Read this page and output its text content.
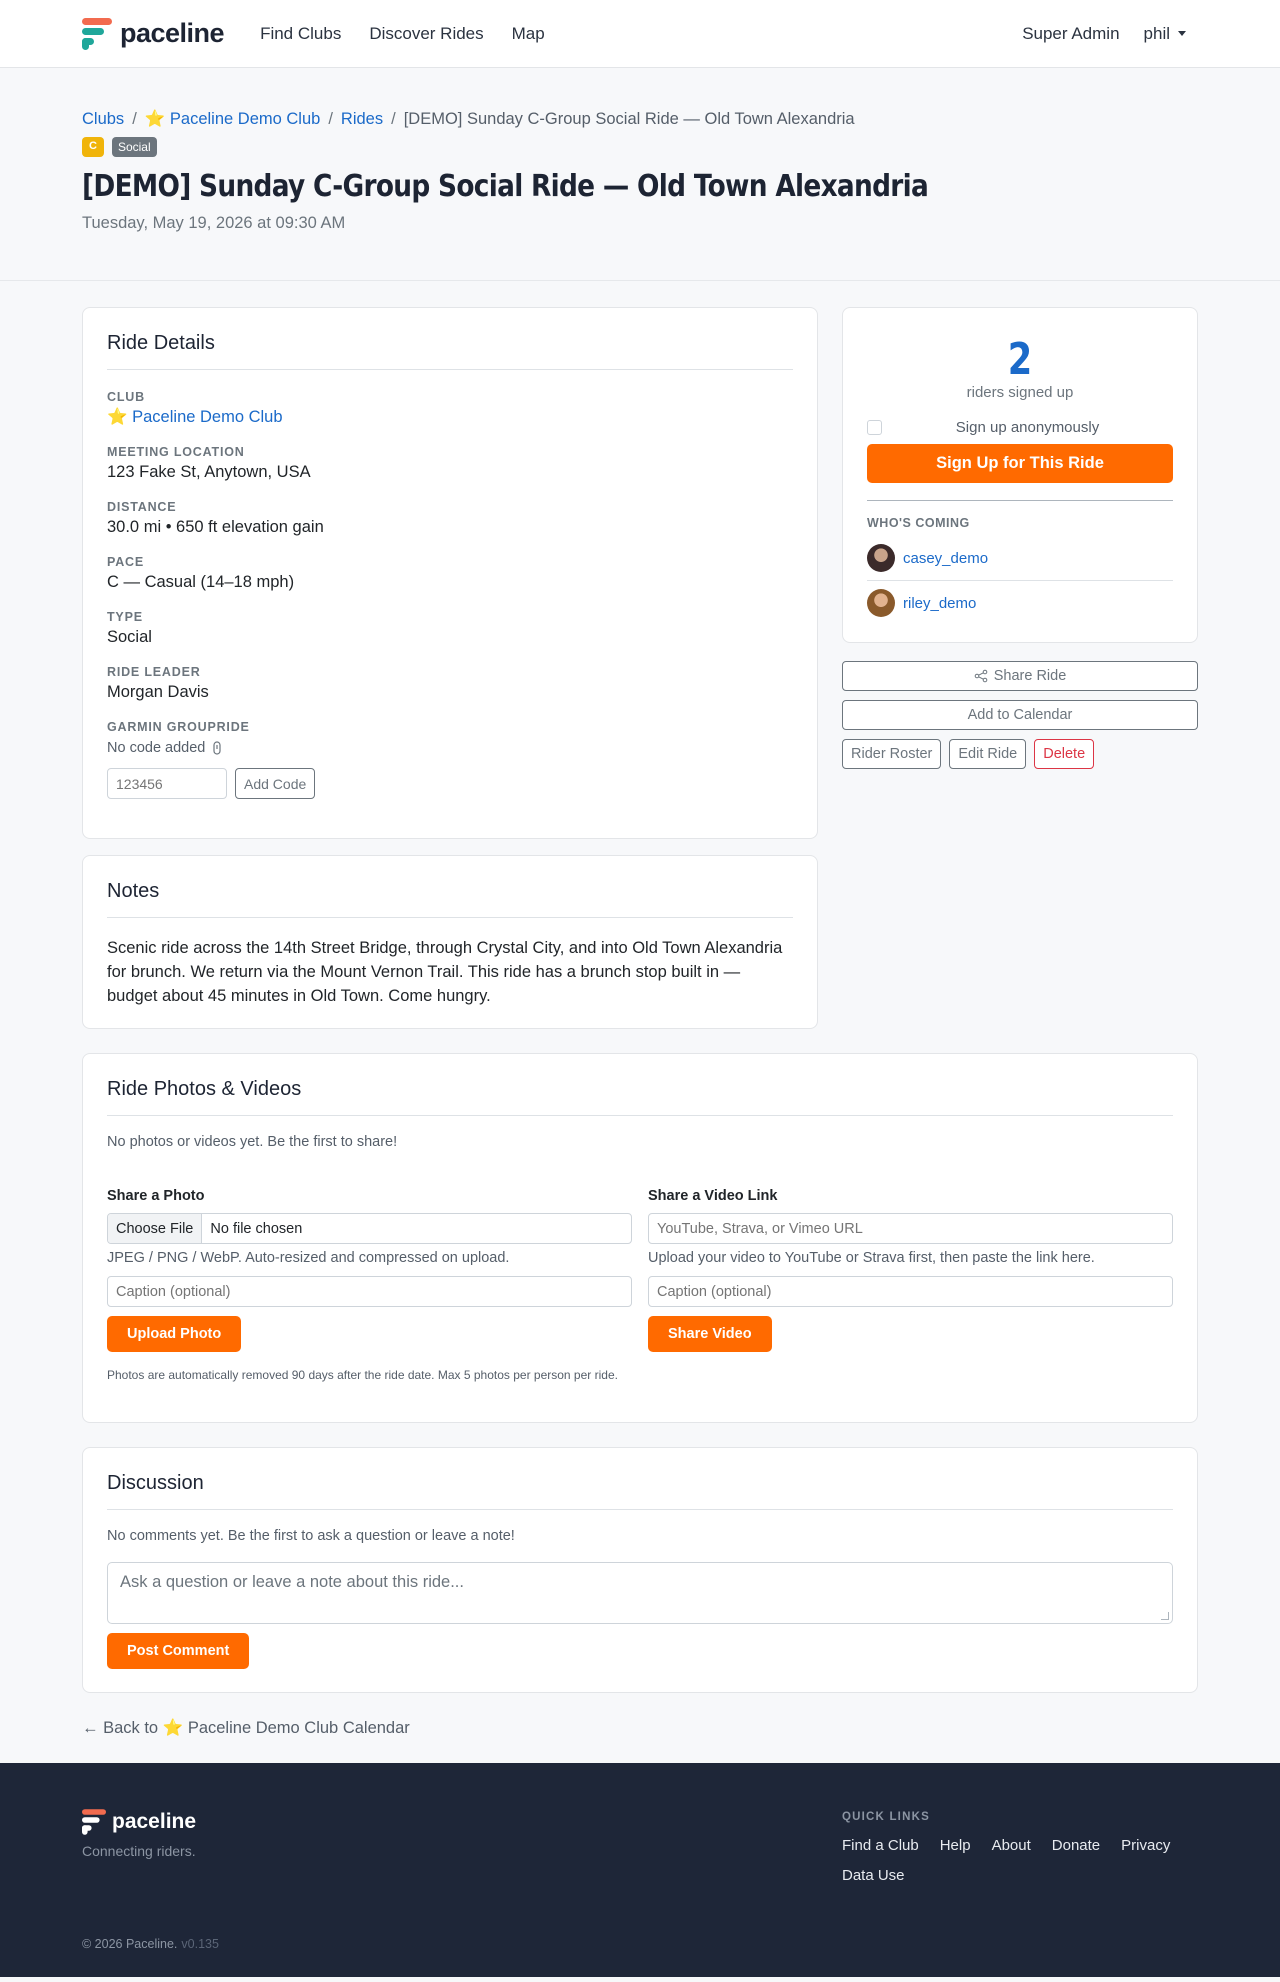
paceline Find Clubs Discover Rides Map	Super Admin phil
Clubs / ⭐ Paceline Demo Club / Rides / [DEMO] Sunday C-Group Social Ride — Old Town Alexandria
C	Social
[DEMO] Sunday C-Group Social Ride — Old Town Alexandria
Tuesday, May 19, 2026 at 09:30 AM
Ride Details
CLUB
⭐ Paceline Demo Club
MEETING LOCATION
123 Fake St, Anytown, USA
DISTANCE
30.0 mi • 650 ft elevation gain
PACE
C — Casual (14–18 mph)
TYPE
Social
RIDE LEADER
Morgan Davis
GARMIN GROUPRIDE
No code added
123456
Add Code
Notes

Scenic ride across the 14th Street Bridge, through Crystal City, and into Old Town Alexandria for brunch. We return via the Mount Vernon Trail. This ride has a brunch stop built in — budget about 45 minutes in Old Town. Come hungry.

2
riders signed up
Sign up anonymously
Sign Up for This Ride
WHO'S COMING
casey_demo
riley_demo
Share Ride
Add to Calendar
Rider Roster	Edit Ride	Delete
Ride Photos & Videos

No photos or videos yet. Be the first to share!

Share a Photo
Choose File	No file chosen
JPEG / PNG / WebP. Auto-resized and compressed on upload.
Caption (optional) Upload Photo
Share a Video Link
YouTube, Strava, or Vimeo URL
Upload your video to YouTube or Strava first, then paste the link here.
Caption (optional) Share Video

Photos are automatically removed 90 days after the ride date. Max 5 photos per person per ride.

Discussion

No comments yet. Be the first to ask a question or leave a note!

Ask a question or leave a note about this ride...
Post Comment
← Back to ⭐ Paceline Demo Club Calendar
paceline
Connecting riders.
QUICK LINKS
Find a Club Help About Donate Privacy
Data Use
© 2026 Paceline. v0.135
